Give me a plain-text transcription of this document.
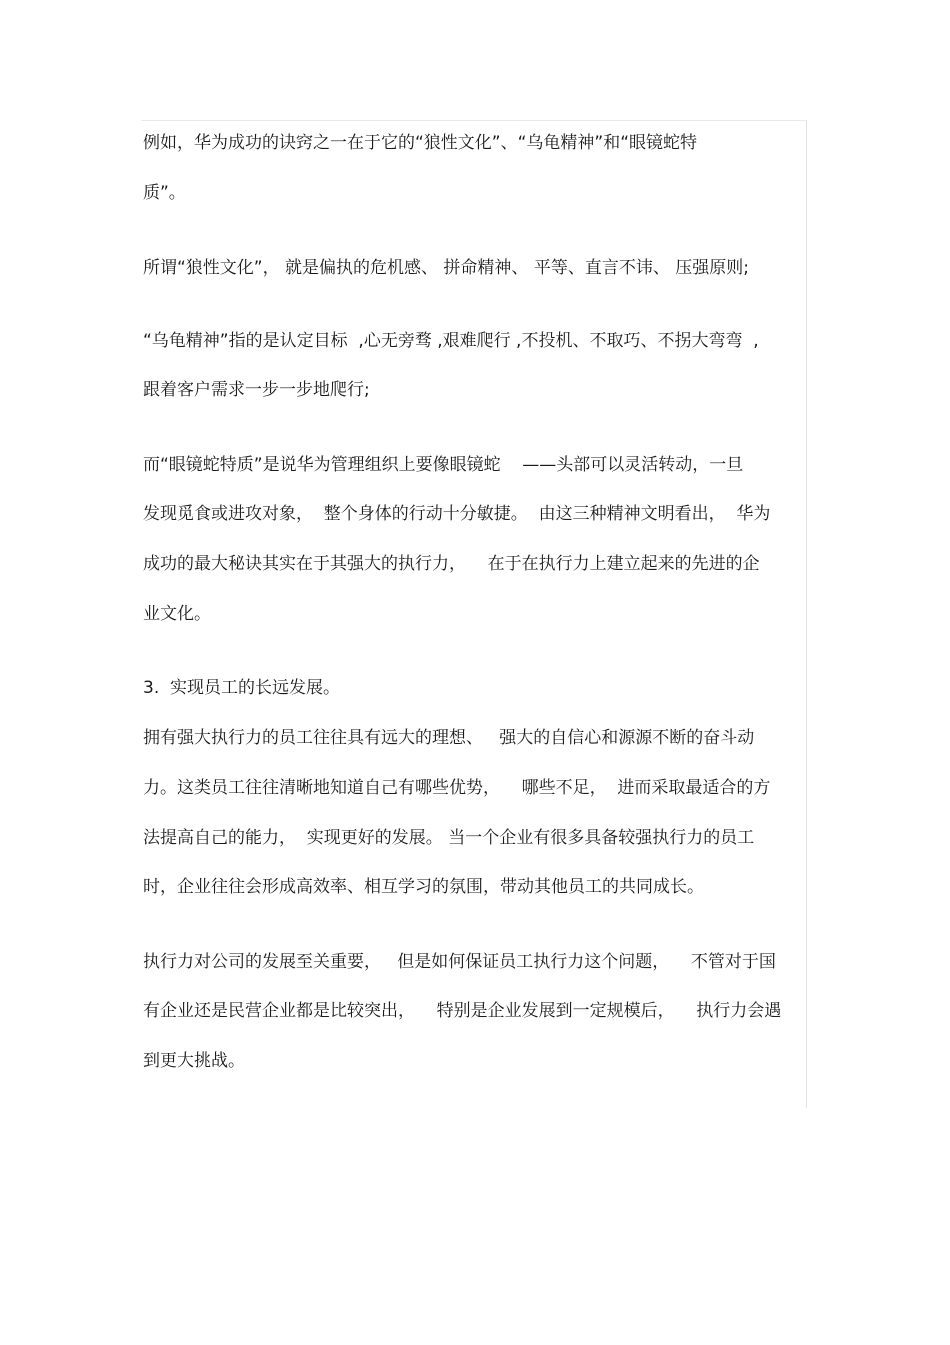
例如，华为成功的诀窍之一在于它的“狼性文化”、“乌龟精神”和“眼镜蛇特
质”。
所谓“狼性文化”， 就是偏执的危机感、 拼命精神、 平等、直言不讳、 压强原则;
“乌龟精神”指的是认定目标  ,心无旁骛 ,艰难爬行 ,不投机、不取巧、不拐大弯弯  ,
跟着客户需求一步一步地爬行;
而“眼镜蛇特质”是说华为管理组织上要像眼镜蛇    ——头部可以灵活转动，一旦
发现觅食或进攻对象，  整个身体的行动十分敏捷。  由这三种精神文明看出，  华为
成功的最大秘诀其实在于其强大的执行力，    在于在执行力上建立起来的先进的企
业文化。
3.  实现员工的长远发展。
拥有强大执行力的员工往往具有远大的理想、   强大的自信心和源源不断的奋斗动
力。这类员工往往清晰地知道自己有哪些优势，    哪些不足，  进而采取最适合的方
法提高自己的能力，  实现更好的发展。 当一个企业有很多具备较强执行力的员工
时，企业往往会形成高效率、相互学习的氛围，带动其他员工的共同成长。
执行力对公司的发展至关重要，   但是如何保证员工执行力这个问题，    不管对于国
有企业还是民营企业都是比较突出，    特别是企业发展到一定规模后，    执行力会遇
到更大挑战。
